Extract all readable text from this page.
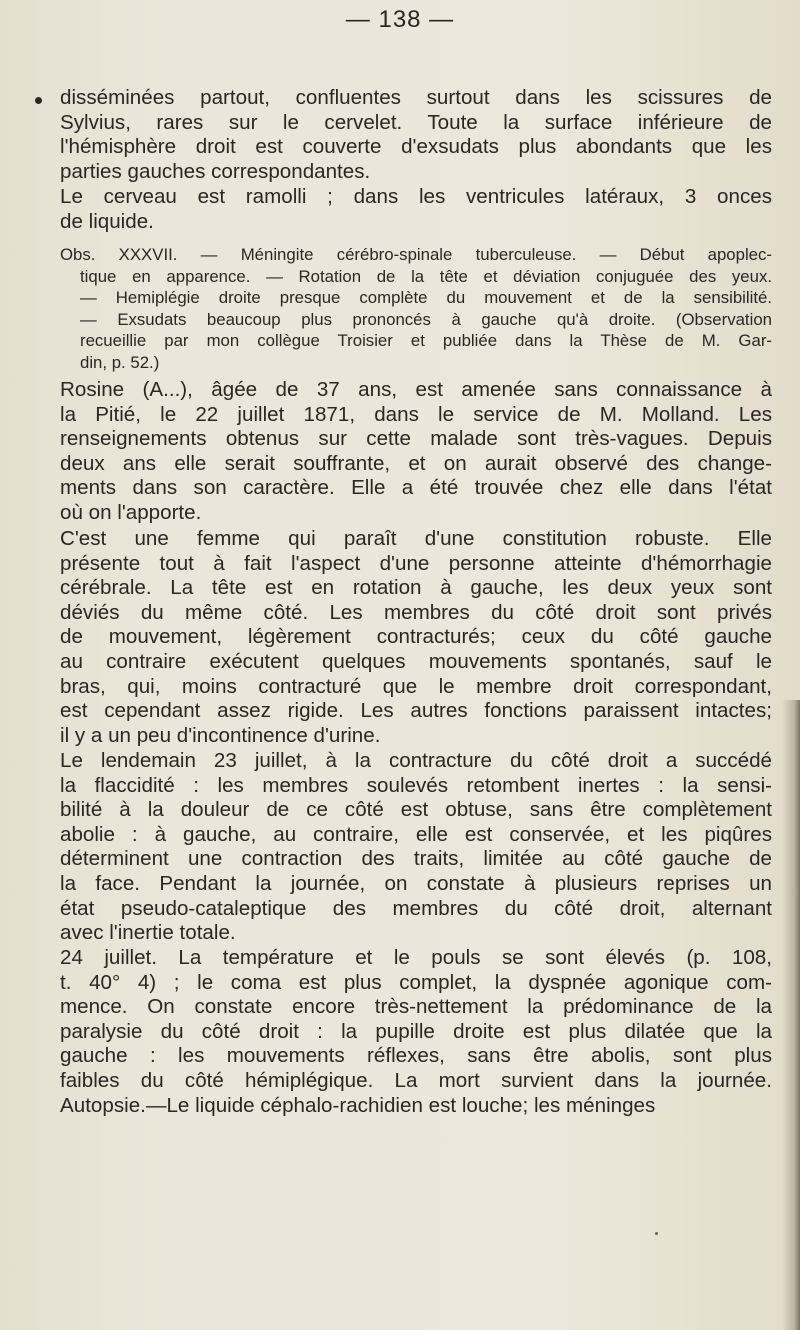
— 138 —
disséminées partout, confluentes surtout dans les scissures de
Sylvius, rares sur le cervelet. Toute la surface inférieure de
l'hémisphère droit est couverte d'exsudats plus abondants que les
parties gauches correspondantes.
Le cerveau est ramolli ; dans les ventricules latéraux, 3 onces
de liquide.
Obs. XXXVII. — Méningite cérébro-spinale tuberculeuse. — Début apoplec-
tique en apparence. — Rotation de la tête et déviation conjuguée des yeux.
— Hemiplégie droite presque complète du mouvement et de la sensibilité.
— Exsudats beaucoup plus prononcés à gauche qu'à droite. (Observation
recueillie par mon collègue Troisier et publiée dans la Thèse de M. Gar-
din, p. 52.)
Rosine (A...), âgée de 37 ans, est amenée sans connaissance à
la Pitié, le 22 juillet 1871, dans le service de M. Molland. Les
renseignements obtenus sur cette malade sont très-vagues. Depuis
deux ans elle serait souffrante, et on aurait observé des change-
ments dans son caractère. Elle a été trouvée chez elle dans l'état
où on l'apporte.
C'est une femme qui paraît d'une constitution robuste. Elle
présente tout à fait l'aspect d'une personne atteinte d'hémorrhagie
cérébrale. La tête est en rotation à gauche, les deux yeux sont
déviés du même côté. Les membres du côté droit sont privés
de mouvement, légèrement contracturés; ceux du côté gauche
au contraire exécutent quelques mouvements spontanés, sauf le
bras, qui, moins contracturé que le membre droit correspondant,
est cependant assez rigide. Les autres fonctions paraissent intactes;
il y a un peu d'incontinence d'urine.
Le lendemain 23 juillet, à la contracture du côté droit a succédé
la flaccidité : les membres soulevés retombent inertes : la sensi-
bilité à la douleur de ce côté est obtuse, sans être complètement
abolie : à gauche, au contraire, elle est conservée, et les piqûres
déterminent une contraction des traits, limitée au côté gauche de
la face. Pendant la journée, on constate à plusieurs reprises un
état pseudo-cataleptique des membres du côté droit, alternant
avec l'inertie totale.
24 juillet. La température et le pouls se sont élevés (p. 108,
t. 40° 4) ; le coma est plus complet, la dyspnée agonique com-
mence. On constate encore très-nettement la prédominance de la
paralysie du côté droit : la pupille droite est plus dilatée que la
gauche : les mouvements réflexes, sans être abolis, sont plus
faibles du côté hémiplégique. La mort survient dans la journée.
Autopsie.—Le liquide céphalo-rachidien est louche; les méninges
